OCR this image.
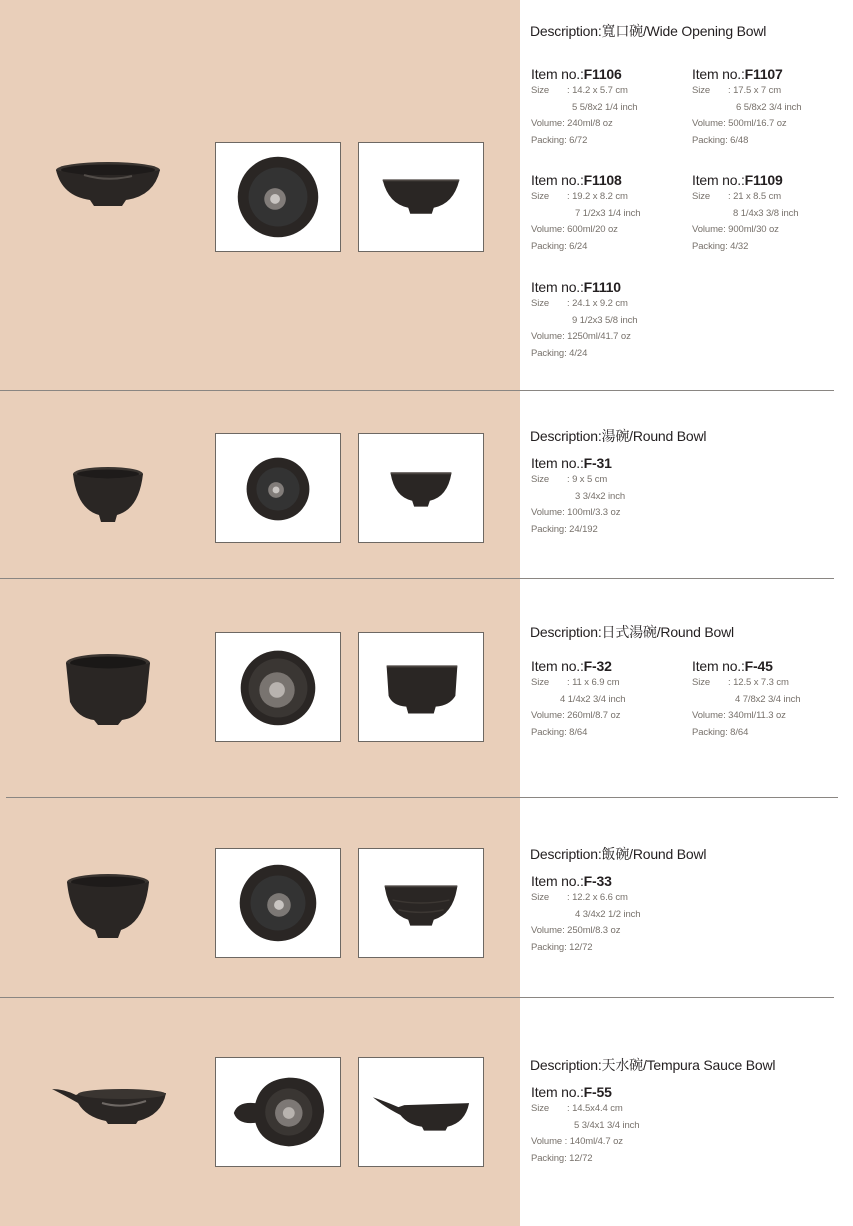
Description:寬口碗/Wide Opening Bowl
Item no.:F1106
Size : 14.2 x 5.7 cm
5 5/8x2 1/4 inch
Volume: 240ml/8 oz
Packing: 6/72
Item no.:F1107
Size : 17.5 x 7 cm
6 5/8x2 3/4 inch
Volume: 500ml/16.7 oz
Packing: 6/48
Item no.:F1108
Size : 19.2 x 8.2 cm
7 1/2x3 1/4 inch
Volume: 600ml/20 oz
Packing: 6/24
Item no.:F1109
Size : 21 x 8.5 cm
8 1/4x3 3/8 inch
Volume: 900ml/30 oz
Packing: 4/32
Item no.:F1110
Size : 24.1 x 9.2 cm
9 1/2x3 5/8 inch
Volume: 1250ml/41.7 oz
Packing: 4/24
Description:湯碗/Round Bowl
Item no.:F-31
Size : 9 x 5 cm
3 3/4x2 inch
Volume: 100ml/3.3 oz
Packing: 24/192
Description:日式湯碗/Round Bowl
Item no.:F-32
Size : 11 x 6.9 cm
4 1/4x2 3/4 inch
Volume: 260ml/8.7 oz
Packing: 8/64
Item no.:F-45
Size : 12.5 x 7.3 cm
4 7/8x2 3/4 inch
Volume: 340ml/11.3 oz
Packing: 8/64
Description:飯碗/Round Bowl
Item no.:F-33
Size : 12.2 x 6.6 cm
4 3/4x2 1/2 inch
Volume: 250ml/8.3 oz
Packing: 12/72
Description:天水碗/Tempura Sauce Bowl
Item no.:F-55
Size : 14.5x4.4 cm
5 3/4x1 3/4 inch
Volume : 140ml/4.7 oz
Packing: 12/72
